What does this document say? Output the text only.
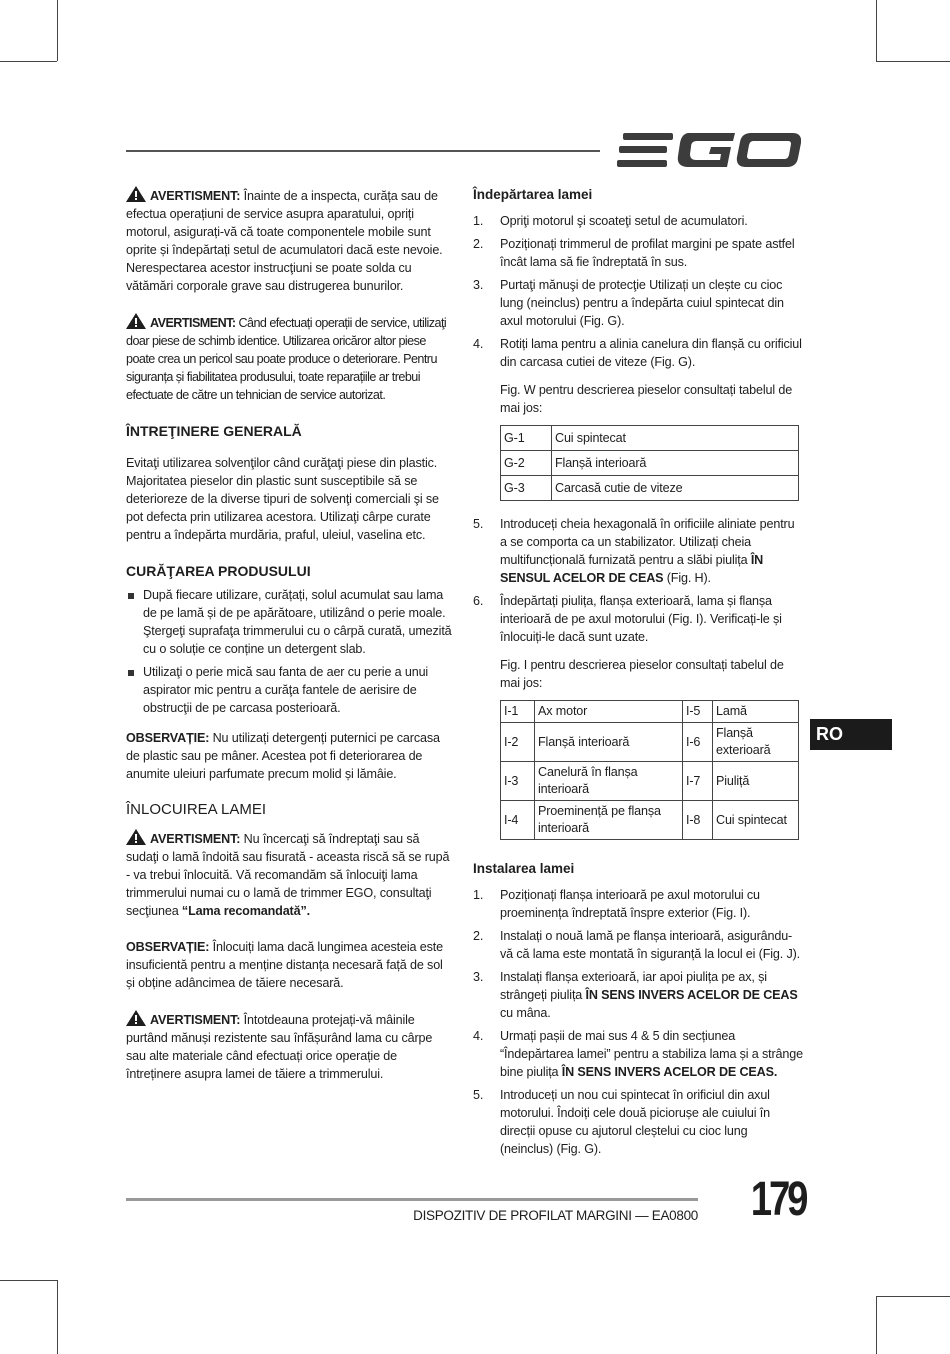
AVERTISMENT: Înainte de a inspecta, curăța sau de efectua operațiuni de service asupra aparatului, opriți motorul, asigurați-vă că toate componentele mobile sunt oprite și îndepărtați setul de acumulatori dacă este nevoie. Nerespectarea acestor instrucţiuni se poate solda cu vătămări corporale grave sau distrugerea bunurilor.

AVERTISMENT: Când efectuați operații de service, utilizaţi doar piese de schimb identice. Utilizarea oricăror altor piese poate crea un pericol sau poate produce o deteriorare. Pentru siguranța și fiabilitatea produsului, toate reparațiile ar trebui efectuate de către un tehnician de service autorizat.

ÎNTREŢINERE GENERALĂ

Evitaţi utilizarea solvenţilor când curăţaţi piese din plastic. Majoritatea pieselor din plastic sunt susceptibile să se deterioreze de la diverse tipuri de solvenţi comerciali şi se pot defecta prin utilizarea acestora. Utilizaţi cârpe curate pentru a îndepărta murdăria, praful, uleiul, vaselina etc.

CURĂŢAREA PRODUSULUI
După fiecare utilizare, curățați, solul acumulat sau lama de pe lamă și de pe apărătoare, utilizând o perie moale. Ştergeţi suprafaţa trimmerului cu o cârpă curată, umezită cu o soluție ce conține un detergent slab.
Utilizaţi o perie mică sau fanta de aer cu perie a unui aspirator mic pentru a curăţa fantele de aerisire de obstrucţii de pe carcasa posterioară.

OBSERVAȚIE: Nu utilizați detergenți puternici pe carcasa de plastic sau pe mâner. Acestea pot fi deteriorarea de anumite uleiuri parfumate precum molid și lămâie.

ÎNLOCUIREA LAMEI

AVERTISMENT: Nu încercaţi să îndreptaţi sau să sudaţi o lamă îndoită sau fisurată - aceasta riscă să se rupă - va trebui înlocuită. Vă recomandăm să înlocuiţi lama trimmerului numai cu o lamă de trimmer EGO, consultaţi secţiunea “Lama recomandată”.

OBSERVAȚIE: Înlocuiți lama dacă lungimea acesteia este insuficientă pentru a menține distanța necesară față de sol și obține adâncimea de tăiere necesară.

AVERTISMENT: Întotdeauna protejați-vă mâinile purtând mănuși rezistente sau înfășurând lama cu cârpe sau alte materiale când efectuați orice operație de întreținere asupra lamei de tăiere a trimmerului.

Îndepărtarea lamei
1. Opriţi motorul şi scoateţi setul de acumulatori.
2. Poziționați trimmerul de profilat margini pe spate astfel încât lama să fie îndreptată în sus.
3. Purtaţi mănuşi de protecţie Utilizați un clește cu cioc lung (neinclus) pentru a îndepărta cuiul spintecat din axul motorului (Fig. G).
4. Rotiți lama pentru a alinia canelura din flanșă cu orificiul din carcasa cutiei de viteze (Fig. G).

Fig. W pentru descrierea pieselor consultați tabelul de mai jos:

G-1	Cui spintecat
G-2	Flanșă interioară
G-3	Carcasă cutie de viteze
5. Introduceți cheia hexagonală în orificiile aliniate pentru a se comporta ca un stabilizator. Utilizați cheia multifuncțională furnizată pentru a slăbi piulița ÎN SENSUL ACELOR DE CEAS (Fig. H).
6. Îndepărtați piulița, flanșa exterioară, lama și flanșa interioară de pe axul motorului (Fig. I). Verificați-le și înlocuiți-le dacă sunt uzate.

Fig. I pentru descrierea pieselor consultați tabelul de mai jos:

I-1	Ax motor	I-5	Lamă
I-2	Flanșă interioară	I-6	Flanșă exterioară
I-3	Canelură în flanșa interioară	I-7	Piuliță
I-4	Proeminență pe flanșa interioară	I-8	Cui spintecat
Instalarea lamei
1. Poziționați flanșa interioară pe axul motorului cu proeminența îndreptată înspre exterior (Fig. I).
2. Instalați o nouă lamă pe flanșa interioară, asigurându-vă că lama este montată în siguranță la locul ei (Fig. J).
3. Instalați flanșa exterioară, iar apoi piulița pe ax, și strângeți piulița ÎN SENS INVERS ACELOR DE CEAS cu mâna.
4. Urmați pașii de mai sus 4 & 5 din secțiunea “Îndepărtarea lamei” pentru a stabiliza lama și a strânge bine piulița ÎN SENS INVERS ACELOR DE CEAS.
5. Introduceți un nou cui spintecat în orificiul din axul motorului. Îndoiți cele două piciorușe ale cuiului în direcții opuse cu ajutorul cleștelui cu cioc lung (neinclus) (Fig. G).
RO
DISPOZITIV DE PROFILAT MARGINI — EA0800 179
